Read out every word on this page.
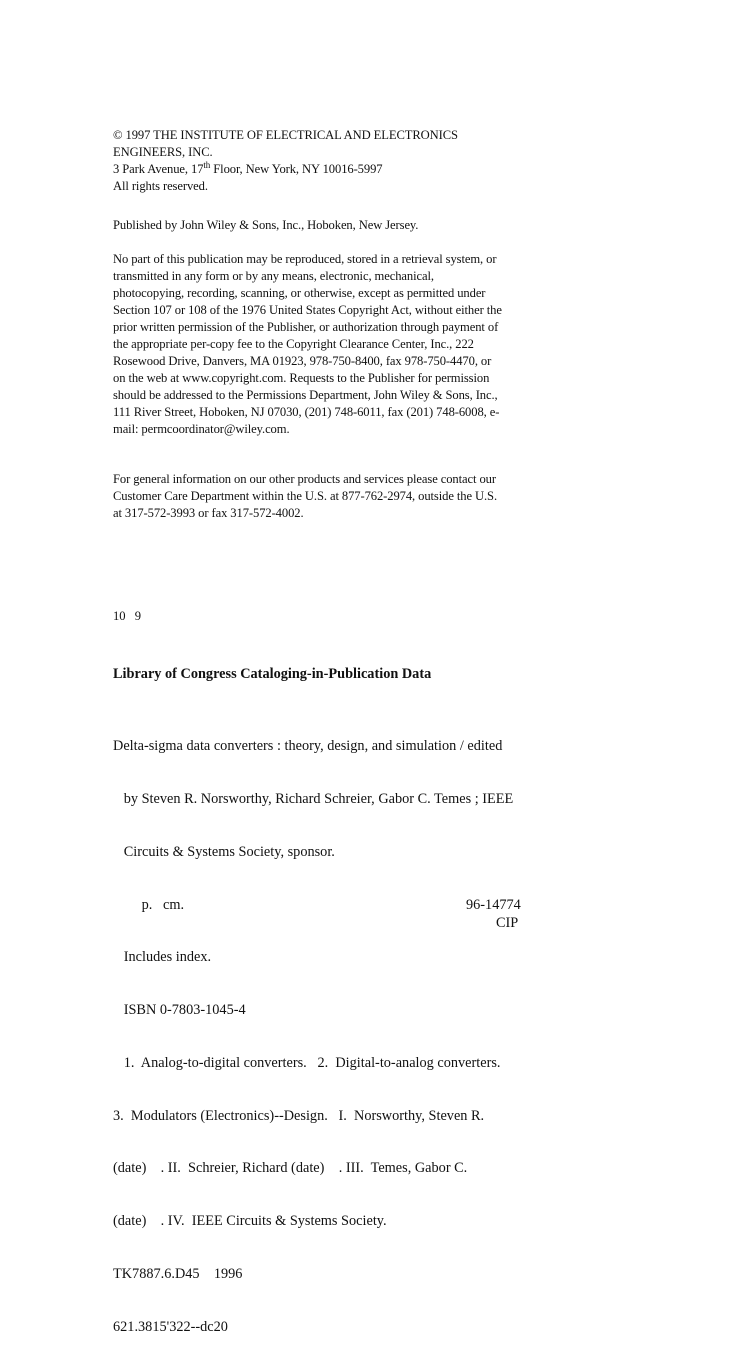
© 1997 THE INSTITUTE OF ELECTRICAL AND ELECTRONICS
ENGINEERS, INC.
3 Park Avenue, 17th Floor, New York, NY 10016-5997
All rights reserved.
Published by John Wiley & Sons, Inc., Hoboken, New Jersey.
No part of this publication may be reproduced, stored in a retrieval system, or
transmitted in any form or by any means, electronic, mechanical,
photocopying, recording, scanning, or otherwise, except as permitted under
Section 107 or 108 of the 1976 United States Copyright Act, without either the
prior written permission of the Publisher, or authorization through payment of
the appropriate per-copy fee to the Copyright Clearance Center, Inc., 222
Rosewood Drive, Danvers, MA 01923, 978-750-8400, fax 978-750-4470, or
on the web at www.copyright.com. Requests to the Publisher for permission
should be addressed to the Permissions Department, John Wiley & Sons, Inc.,
111 River Street, Hoboken, NJ 07030, (201) 748-6011, fax (201) 748-6008, e-
mail: permcoordinator@wiley.com.
For general information on our other products and services please contact our
Customer Care Department within the U.S. at 877-762-2974, outside the U.S.
at 317-572-3993 or fax 317-572-4002.
10 9
Library of Congress Cataloging-in-Publication Data

Delta-sigma data converters : theory, design, and simulation / edited

by Steven R. Norsworthy, Richard Schreier, Gabor C. Temes ; IEEE

Circuits & Systems Society, sponsor.

p.   cm.

Includes index.

ISBN 0-7803-1045-4

1.  Analog-to-digital converters.   2.  Digital-to-analog converters.

3.  Modulators (Electronics)--Design.   I.  Norsworthy, Steven R.

(date)    . II.  Schreier, Richard (date)    . III.  Temes, Gabor C.

(date)    . IV.  IEEE Circuits & Systems Society.

TK7887.6.D45    1996

621.3815'322--dc20

96-14774
CIP
